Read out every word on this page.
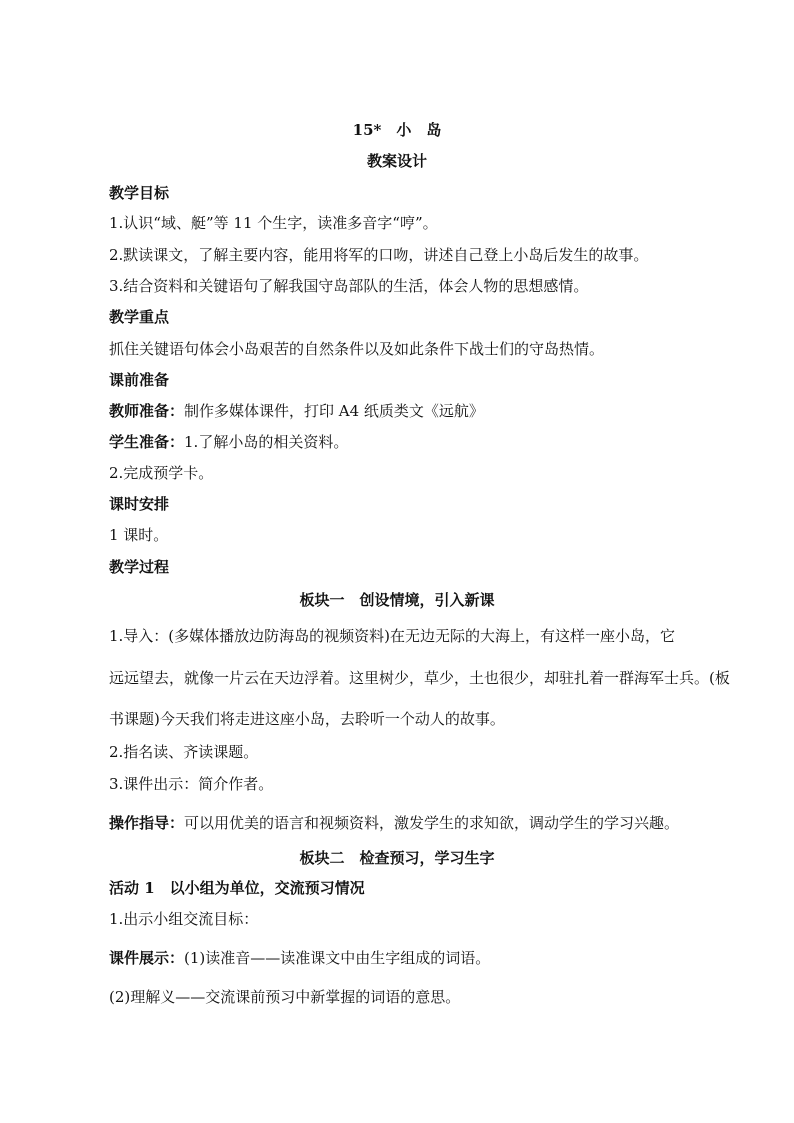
15*　小　岛
教案设计
教学目标
1.认识“域、艇”等 11 个生字，读准多音字“哼”。
2.默读课文，了解主要内容，能用将军的口吻，讲述自己登上小岛后发生的故事。
3.结合资料和关键语句了解我国守岛部队的生活，体会人物的思想感情。
教学重点
抓住关键语句体会小岛艰苦的自然条件以及如此条件下战士们的守岛热情。
课前准备
教师准备：制作多媒体课件，打印 A4 纸质类文《远航》
学生准备：1.了解小岛的相关资料。
2.完成预学卡。
课时安排
1 课时。
教学过程
板块一　创设情境，引入新课
1.导入：(多媒体播放边防海岛的视频资料)在无边无际的大海上，有这样一座小岛，它
远远望去，就像一片云在天边浮着。这里树少，草少，土也很少，却驻扎着一群海军士兵。(板
书课题)今天我们将走进这座小岛，去聆听一个动人的故事。
2.指名读、齐读课题。
3.课件出示：简介作者。
操作指导：可以用优美的语言和视频资料，激发学生的求知欲，调动学生的学习兴趣。
板块二　检查预习，学习生字
活动 1　以小组为单位，交流预习情况
1.出示小组交流目标：
课件展示：(1)读准音——读准课文中由生字组成的词语。
(2)理解义——交流课前预习中新掌握的词语的意思。
